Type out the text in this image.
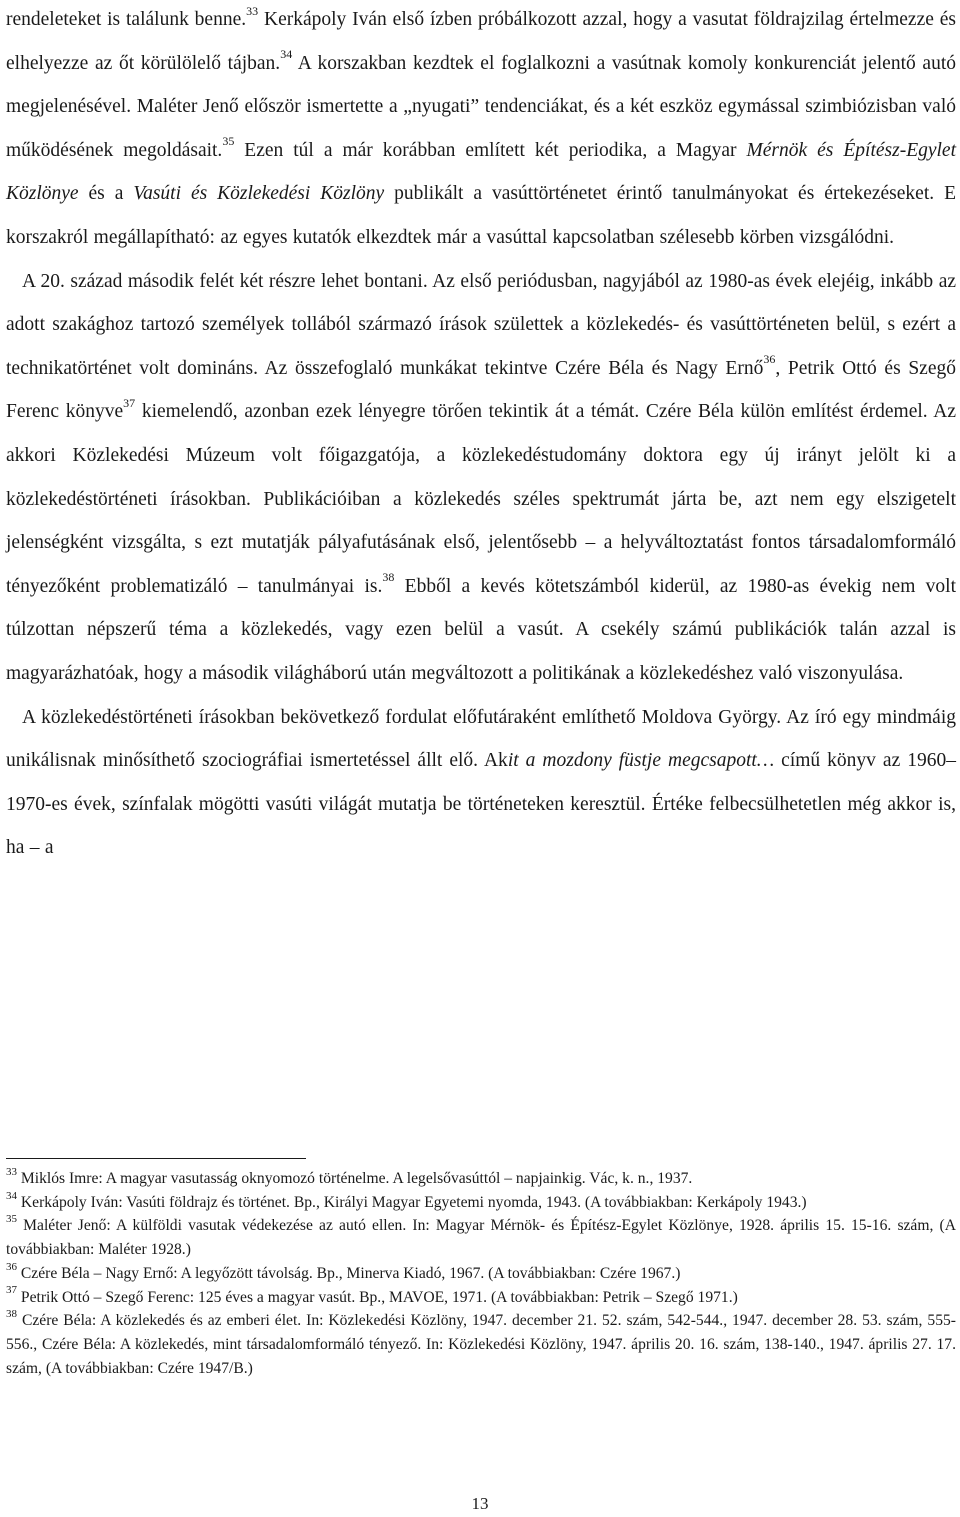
rendeleteket is találunk benne.$^{33}$ Kerkápoly Iván első ízben próbálkozott azzal, hogy a vasutat földrajzilag értelmezze és elhelyezze az őt körülölelő tájban.$^{34}$ A korszakban kezdtek el foglalkozni a vasútnak komoly konkurenciát jelentő autó megjelenésével. Maléter Jenő először ismertette a „nyugati” tendenciákat, és a két eszköz egymással szimbiózisban való működésének megoldásait.$^{35}$ Ezen túl a már korábban említett két periodika, a Magyar Mérnök és Építész-Egylet Közlönye és a Vasúti és Közlekedési Közlöny publikált a vasúttörténetet érintő tanulmányokat és értekezéseket. E korszakról megállapítható: az egyes kutatók elkezdtek már a vasúttal kapcsolatban szélesebb körben vizsgálódni.

A 20. század második felét két részre lehet bontani. Az első periódusban, nagyjából az 1980-as évek elejéig, inkább az adott szakághoz tartozó személyek tollából származó írások születtek a közlekedés- és vasúttörténeten belül, s ezért a technikatörténet volt domináns. Az összefoglaló munkákat tekintve Czére Béla és Nagy Ernő$^{36}$, Petrik Ottó és Szegő Ferenc könyve$^{37}$ kiemelendő, azonban ezek lényegre törően tekintik át a témát. Czére Béla külön említést érdemel. Az akkori Közlekedési Múzeum volt főigazgatója, a közlekedéstudomány doktora egy új irányt jelölt ki a közlekedéstörténeti írásokban. Publikációiban a közlekedés széles spektrumát járta be, azt nem egy elszigetelt jelenségként vizsgálta, s ezt mutatják pályafutásának első, jelentősebb – a helyváltoztatást fontos társadalomformáló tényezőként problematizáló – tanulmányai is.$^{38}$ Ebből a kevés kötetszámból kiderül, az 1980-as évekig nem volt túlzottan népszerű téma a közlekedés, vagy ezen belül a vasút. A csekély számú publikációk talán azzal is magyarázhatóak, hogy a második világháború után megváltozott a politikának a közlekedéshez való viszonyulása.

A közlekedéstörténeti írásokban bekövetkező fordulat előfutáraként említhető Moldova György. Az író egy mindmáig unikálisnak minősíthető szociográfiai ismertetéssel állt elő. Akit a mozdony füstje megcsapott… című könyv az 1960–1970-es évek, színfalak mögötti vasúti világát mutatja be történeteken keresztül. Értéke felbecsülhetetlen még akkor is, ha – a

$^{33}$ Miklós Imre: A magyar vasutasság oknyomozó történelme. A legelsővasúttól – napjainkig. Vác, k. n., 1937.

$^{34}$ Kerkápoly Iván: Vasúti földrajz és történet. Bp., Királyi Magyar Egyetemi nyomda, 1943. (A továbbiakban: Kerkápoly 1943.)

$^{35}$ Maléter Jenő: A külföldi vasutak védekezése az autó ellen. In: Magyar Mérnök- és Építész-Egylet Közlönye, 1928. április 15. 15-16. szám, (A továbbiakban: Maléter 1928.)

$^{36}$ Czére Béla – Nagy Ernő: A legyőzött távolság. Bp., Minerva Kiadó, 1967. (A továbbiakban: Czére 1967.)

$^{37}$ Petrik Ottó – Szegő Ferenc: 125 éves a magyar vasút. Bp., MAVOE, 1971. (A továbbiakban: Petrik – Szegő 1971.)

$^{38}$ Czére Béla: A közlekedés és az emberi élet. In: Közlekedési Közlöny, 1947. december 21. 52. szám, 542-544., 1947. december 28. 53. szám, 555-556., Czére Béla: A közlekedés, mint társadalomformáló tényező. In: Közlekedési Közlöny, 1947. április 20. 16. szám, 138-140., 1947. április 27. 17. szám, (A továbbiakban: Czére 1947/B.)

13
